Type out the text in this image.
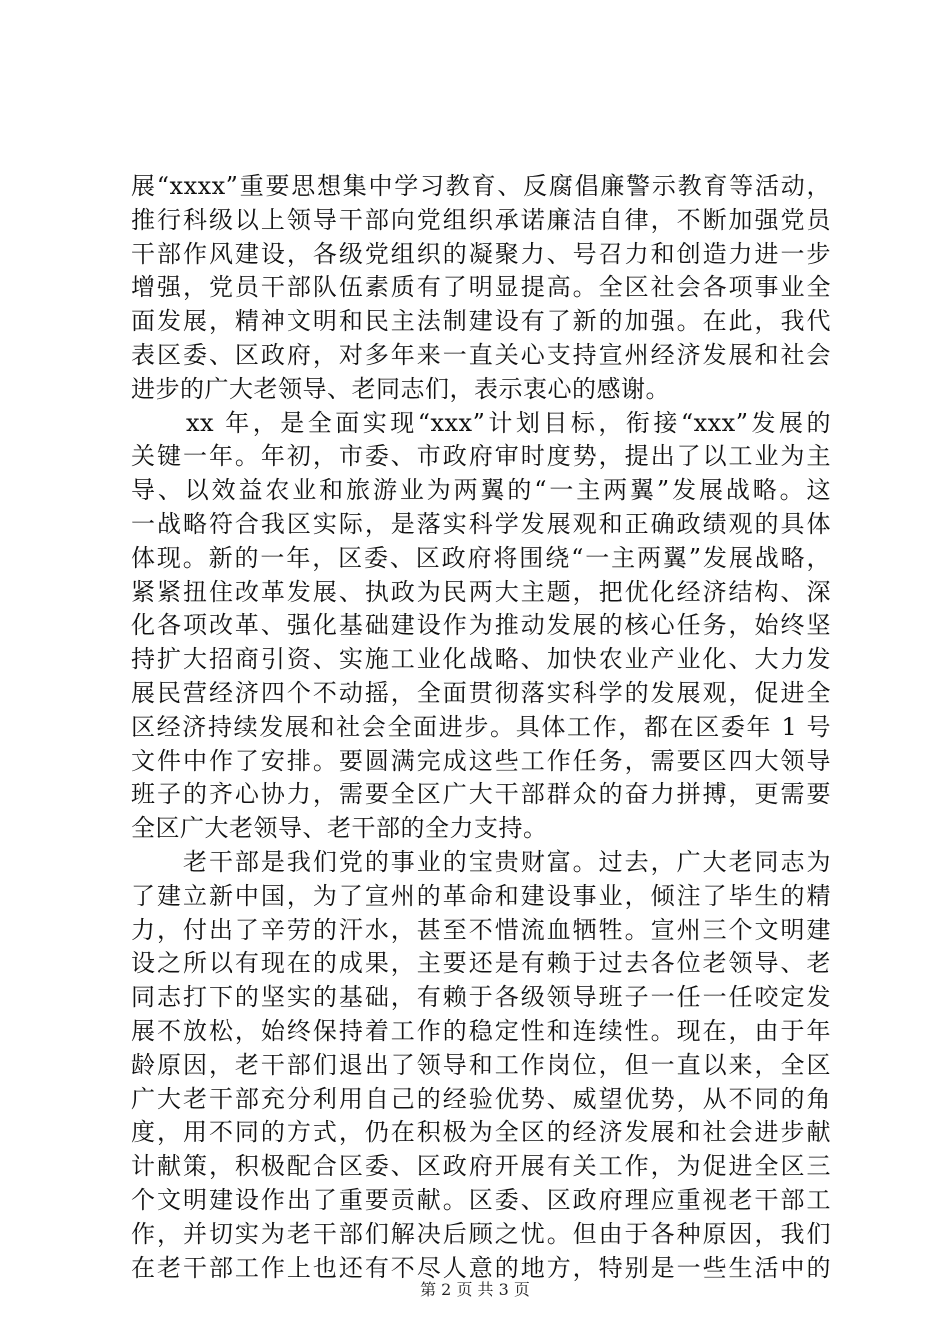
展“xxxx”重要思想集中学习教育、反腐倡廉警示教育等活动，
推行科级以上领导干部向党组织承诺廉洁自律，不断加强党员
干部作风建设，各级党组织的凝聚力、号召力和创造力进一步
增强，党员干部队伍素质有了明显提高。全区社会各项事业全
面发展，精神文明和民主法制建设有了新的加强。在此，我代
表区委、区政府，对多年来一直关心支持宣州经济发展和社会
进步的广大老领导、老同志们，表示衷心的感谢。
　　xx 年，是全面实现“xxx”计划目标，衔接“xxx”发展的
关键一年。年初，市委、市政府审时度势，提出了以工业为主
导、以效益农业和旅游业为两翼的“一主两翼”发展战略。这
一战略符合我区实际，是落实科学发展观和正确政绩观的具体
体现。新的一年，区委、区政府将围绕“一主两翼”发展战略，
紧紧扭住改革发展、执政为民两大主题，把优化经济结构、深
化各项改革、强化基础建设作为推动发展的核心任务，始终坚
持扩大招商引资、实施工业化战略、加快农业产业化、大力发
展民营经济四个不动摇，全面贯彻落实科学的发展观，促进全
区经济持续发展和社会全面进步。具体工作，都在区委年 1 号
文件中作了安排。要圆满完成这些工作任务，需要区四大领导
班子的齐心协力，需要全区广大干部群众的奋力拼搏，更需要
全区广大老领导、老干部的全力支持。
　　老干部是我们党的事业的宝贵财富。过去，广大老同志为
了建立新中国，为了宣州的革命和建设事业，倾注了毕生的精
力，付出了辛劳的汗水，甚至不惜流血牺牲。宣州三个文明建
设之所以有现在的成果，主要还是有赖于过去各位老领导、老
同志打下的坚实的基础，有赖于各级领导班子一任一任咬定发
展不放松，始终保持着工作的稳定性和连续性。现在，由于年
龄原因，老干部们退出了领导和工作岗位，但一直以来，全区
广大老干部充分利用自己的经验优势、威望优势，从不同的角
度，用不同的方式，仍在积极为全区的经济发展和社会进步献
计献策，积极配合区委、区政府开展有关工作，为促进全区三
个文明建设作出了重要贡献。区委、区政府理应重视老干部工
作，并切实为老干部们解决后顾之忧。但由于各种原因，我们
在老干部工作上也还有不尽人意的地方，特别是一些生活中的
第 2 页 共 3 页
